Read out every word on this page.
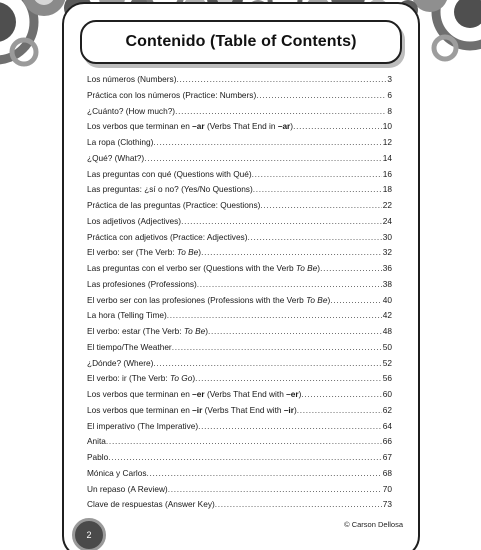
Contenido (Table of Contents)
Los números (Numbers) . . .	3
Práctica con los números (Practice: Numbers) . . .	6
¿Cuánto? (How much?) . . .	8
Los verbos que terminan en –ar (Verbs That End in –ar) . . .	10
La ropa (Clothing) . . .	12
¿Qué? (What?) . . .	14
Las preguntas con qué (Questions with Qué) . . .	16
Las preguntas: ¿sí o no? (Yes/No Questions) . . .	18
Práctica de las preguntas (Practice: Questions) . . .	22
Los adjetivos (Adjectives) . . .	24
Práctica con adjetivos (Practice: Adjectives) . . .	30
El verbo: ser (The Verb: To Be) . . .	32
Las preguntas con el verbo ser (Questions with the Verb To Be) . . .	36
Las profesiones (Professions) . . .	38
El verbo ser con las profesiones (Professions with the Verb To Be) . . .	40
La hora (Telling Time) . . .	42
El verbo: estar (The Verb: To Be) . . .	48
El tiempo/The Weather . . .	50
¿Dónde? (Where) . . .	52
El verbo: ir (The Verb: To Go) . . .	56
Los verbos que terminan en –er (Verbs That End with –er) . . .	60
Los verbos que terminan en –ir (Verbs That End with –ir) . . .	62
El imperativo (The Imperative) . . .	64
Anita . . .	66
Pablo . . .	67
Mónica y Carlos . . .	68
Un repaso (A Review) . . .	70
Clave de respuestas (Answer Key) . . .	73
2
© Carson Dellosa
